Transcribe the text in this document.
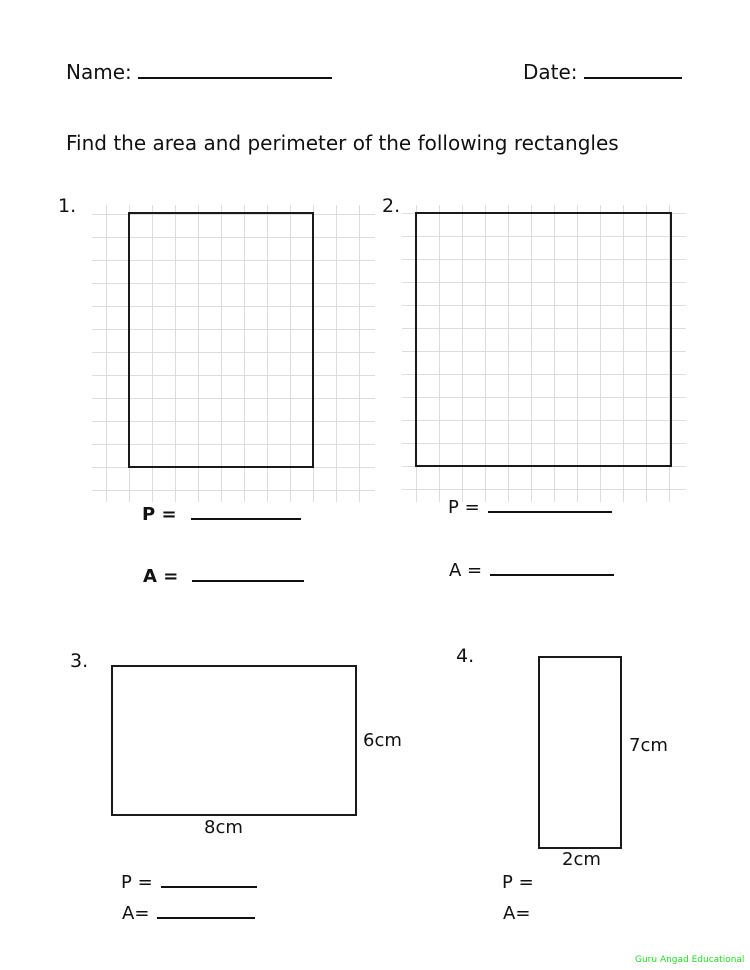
Name:	Date:
Find the area and perimeter of the following rectangles
1.
P =
A =
2.
P =
A =
3.
6cm
8cm
P =
A=
4.
7cm
2cm
P =
A=
Guru Angad Educational
